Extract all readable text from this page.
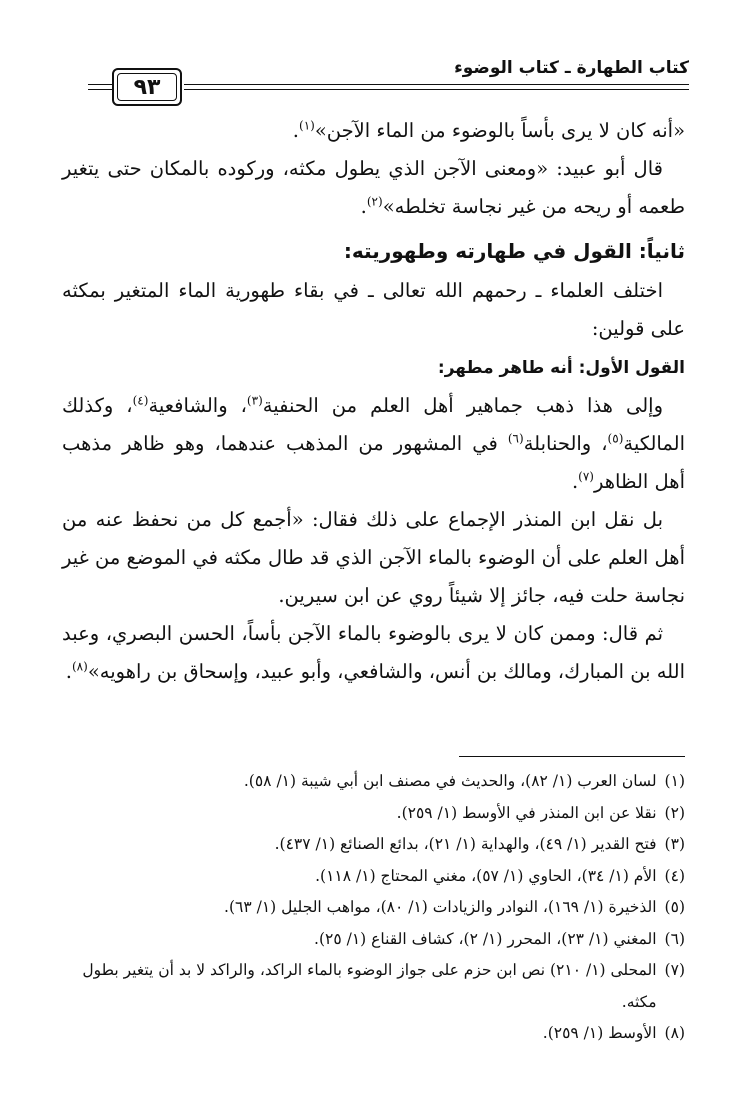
كتاب الطهارة ـ كتاب الوضوء
٩٣

«أنه كان لا يرى بأساً بالوضوء من الماء الآجن»$^{(١)}$.

قال أبو عبيد: «ومعنى الآجن الذي يطول مكثه، وركوده بالمكان حتى يتغير طعمه أو ريحه من غير نجاسة تخلطه»$^{(٢)}$.

ثانياً: القول في طهارته وطهوريته:

اختلف العلماء ـ رحمهم الله تعالى ـ في بقاء طهورية الماء المتغير بمكثه على قولين:

القول الأول: أنه طاهر مطهر:

وإلى هذا ذهب جماهير أهل العلم من الحنفية$^{(٣)}$، والشافعية$^{(٤)}$، وكذلك المالكية$^{(٥)}$، والحنابلة$^{(٦)}$ في المشهور من المذهب عندهما، وهو ظاهر مذهب أهل الظاهر$^{(٧)}$.

بل نقل ابن المنذر الإجماع على ذلك فقال: «أجمع كل من نحفظ عنه من أهل العلم على أن الوضوء بالماء الآجن الذي قد طال مكثه في الموضع من غير نجاسة حلت فيه، جائز إلا شيئاً روي عن ابن سيرين.

ثم قال: وممن كان لا يرى بالوضوء بالماء الآجن بأساً، الحسن البصري، وعبد الله بن المبارك، ومالك بن أنس، والشافعي، وأبو عبيد، وإسحاق بن راهويه»$^{(٨)}$.

(١)
لسان العرب (١/ ٨٢)، والحديث في مصنف ابن أبي شيبة (١/ ٥٨).
(٢)
نقلا عن ابن المنذر في الأوسط (١/ ٢٥٩).
(٣)
فتح القدير (١/ ٤٩)، والهداية (١/ ٢١)، بدائع الصنائع (١/ ٤٣٧).
(٤)
الأم (١/ ٣٤)، الحاوي (١/ ٥٧)، مغني المحتاج (١/ ١١٨).
(٥)
الذخيرة (١/ ١٦٩)، النوادر والزيادات (١/ ٨٠)، مواهب الجليل (١/ ٦٣).
(٦)
المغني (١/ ٢٣)، المحرر (١/ ٢)، كشاف القناع (١/ ٢٥).
(٧)
المحلى (١/ ٢١٠) نص ابن حزم على جواز الوضوء بالماء الراكد، والراكد لا بد أن يتغير بطول مكثه.
(٨)
الأوسط (١/ ٢٥٩).
